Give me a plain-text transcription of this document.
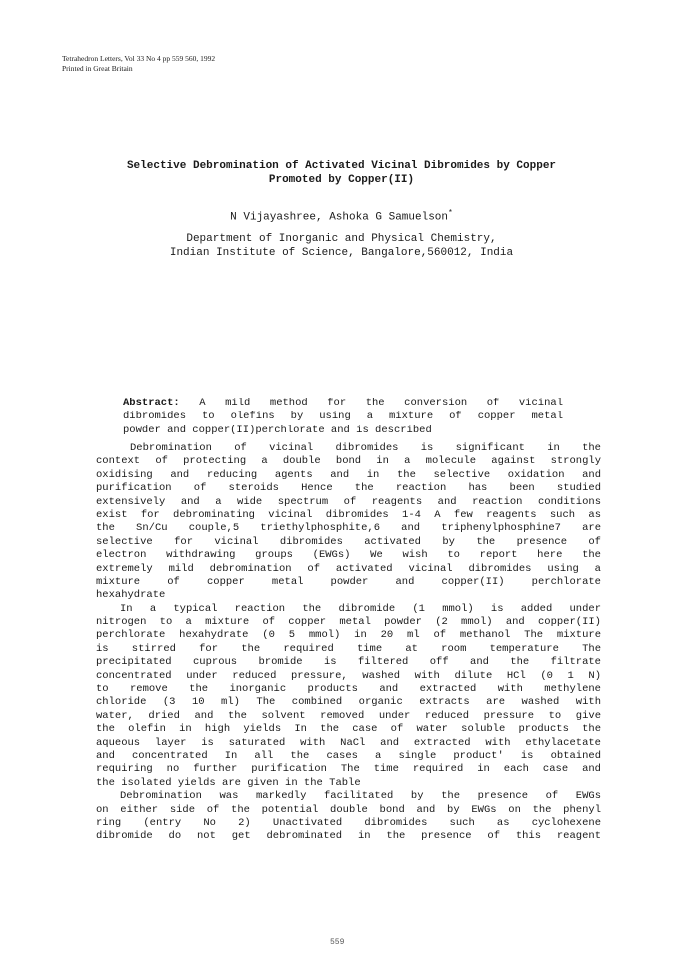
Tetrahedron Letters, Vol 33 No 4 pp 559 560, 1992
Printed in Great Britain
Selective Debromination of Activated Vicinal Dibromides by Copper
Promoted by Copper(II)
N Vijayashree, Ashoka G Samuelson*
Department of Inorganic and Physical Chemistry,
Indian Institute of Science, Bangalore,560012, India
Abstract: A mild method for the conversion of vicinal
dibromides to olefins by using a mixture of copper metal
powder and copper(II)perchlorate and is described

Debromination of vicinal dibromides is significant in the
context of protecting a double bond in a molecule against strongly
oxidising and reducing agents and in the selective oxidation and
purification of steroids Hence the reaction has been studied
extensively and a wide spectrum of reagents and reaction conditions
exist for debrominating vicinal dibromides 1-4 A few reagents such as
the Sn/Cu couple,5 triethylphosphite,6 and triphenylphosphine7 are
selective for vicinal dibromides activated by the presence of
electron withdrawing groups (EWGs) We wish to report here the
extremely mild debromination of activated vicinal dibromides using a
mixture of copper metal powder and copper(II) perchlorate
hexahydrate

In a typical reaction the dibromide (1 mmol) is added under
nitrogen to a mixture of copper metal powder (2 mmol) and copper(II)
perchlorate hexahydrate (0 5 mmol) in 20 ml of methanol The mixture
is stirred for the required time at room temperature The
precipitated cuprous bromide is filtered off and the filtrate
concentrated under reduced pressure, washed with dilute HCl (0 1 N)
to remove the inorganic products and extracted with methylene
chloride (3 10 ml) The combined organic extracts are washed with
water, dried and the solvent removed under reduced pressure to give
the olefin in high yields In the case of water soluble products the
aqueous layer is saturated with NaCl and extracted with ethylacetate
and concentrated In all the cases a single product' is obtained
requiring no further purification The time required in each case and
the isolated yields are given in the Table

Debromination was markedly facilitated by the presence of EWGs
on either side of the potential double bond and by EWGs on the phenyl
ring (entry No 2) Unactivated dibromides such as cyclohexene
dibromide do not get debrominated in the presence of this reagent

559
